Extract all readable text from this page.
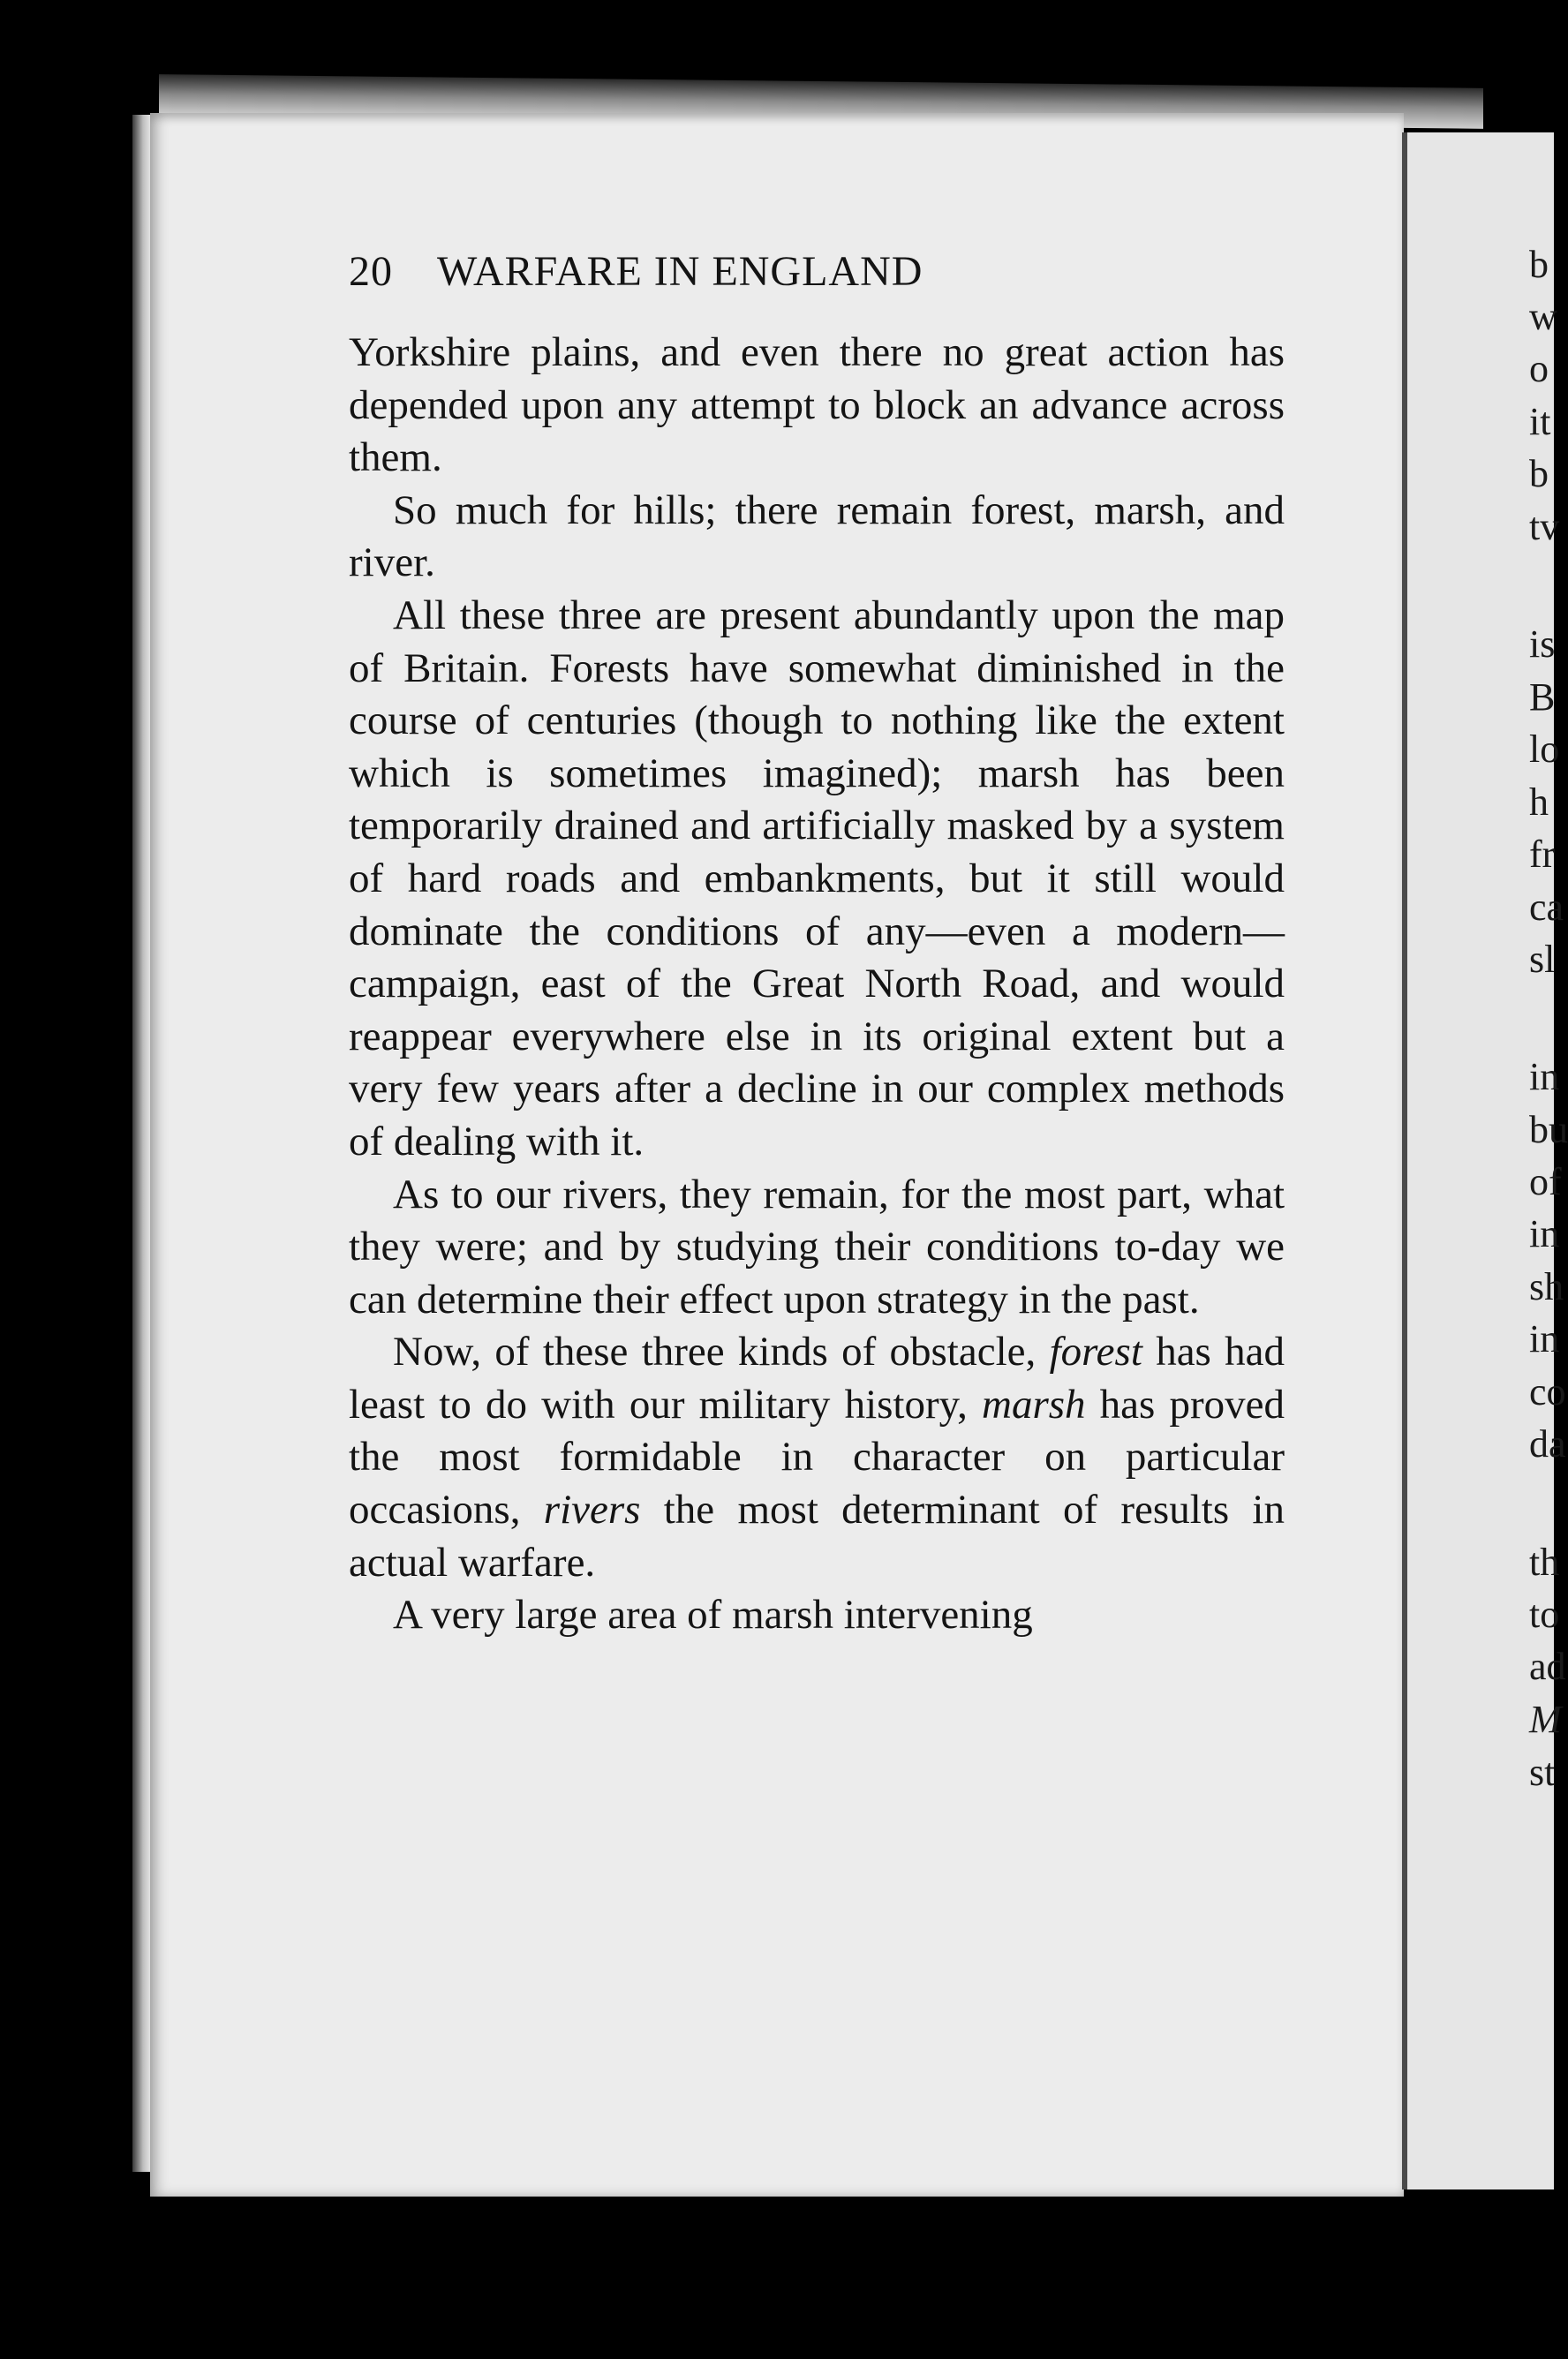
20 WARFARE IN ENGLAND

Yorkshire plains, and even there no great action has depended upon any attempt to block an advance across them.

So much for hills; there remain forest, marsh, and river.

All these three are present abundantly upon the map of Britain. Forests have somewhat diminished in the course of centuries (though to nothing like the extent which is sometimes imagined); marsh has been temporarily drained and artificially masked by a system of hard roads and embankments, but it still would dominate the conditions of any—even a modern—campaign, east of the Great North Road, and would reappear everywhere else in its original extent but a very few years after a decline in our complex methods of dealing with it.

As to our rivers, they remain, for the most part, what they were; and by studying their conditions to-day we can determine their effect upon strategy in the past.

Now, of these three kinds of obstacle, forest has had least to do with our military history, marsh has proved the most formidable in character on particular occasions, rivers the most determinant of results in actual warfare.

A very large area of marsh intervening

b
w
o
it
b
tv
is
B
lo
h
fr
ca
sl
in
bu
of
in
sh
in
co
da
th
to
ad
M
st
